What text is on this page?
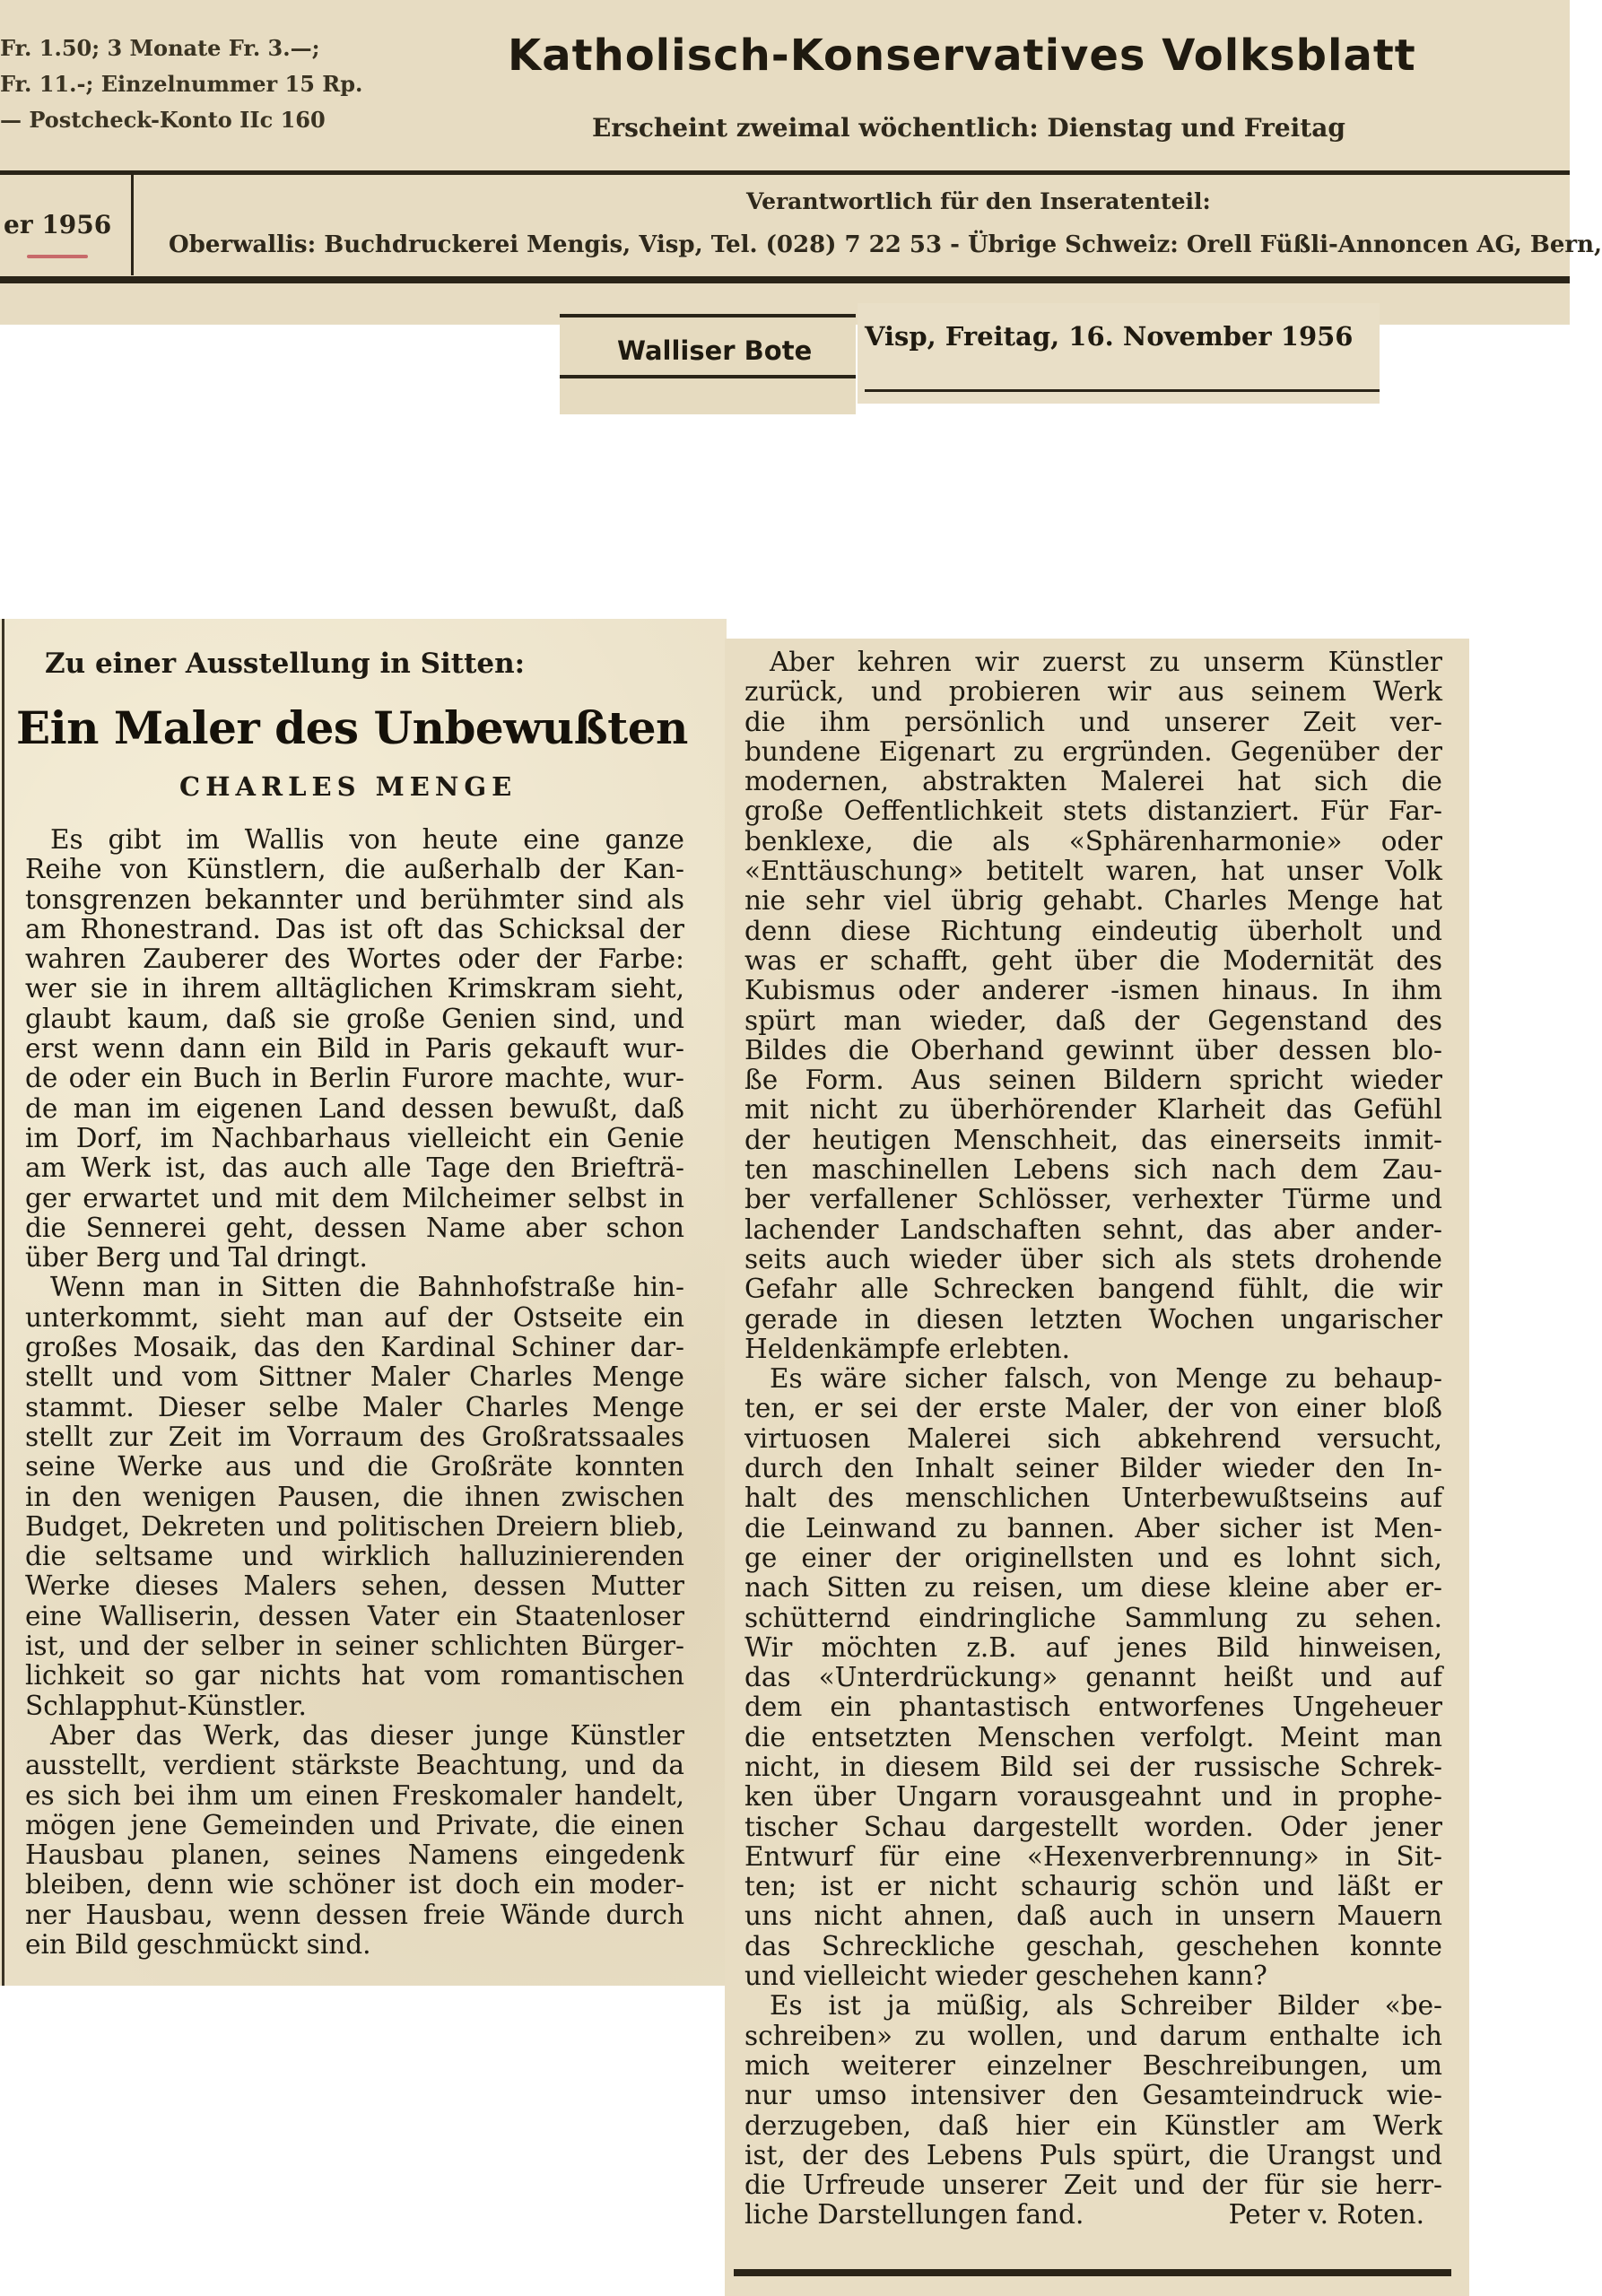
Fr. 1.50; 3 Monate Fr. 3.—;
Fr. 11.-; Einzelnummer 15 Rp.
— Postcheck-Konto IIc 160
Katholisch-Konservatives Volksblatt
Erscheint zweimal wöchentlich: Dienstag und Freitag
er 1956
Verantwortlich für den Inseratenteil:
Oberwallis: Buchdruckerei Mengis, Visp, Tel. (028) 7 22 53 - Übrige Schweiz: Orell Füßli-Annoncen AG, Bern,
Walliser Bote Visp, Freitag, 16. November 1956
Zu einer Ausstellung in Sitten:
Ein Maler des Unbewußten
CHARLES MENGE
Es gibt im Wallis von heute eine ganze
Reihe von Künstlern, die außerhalb der Kan-
tonsgrenzen bekannter und berühmter sind als
am Rhonestrand. Das ist oft das Schicksal der
wahren Zauberer des Wortes oder der Farbe:
wer sie in ihrem alltäglichen Krimskram sieht,
glaubt kaum, daß sie große Genien sind, und
erst wenn dann ein Bild in Paris gekauft wur-
de oder ein Buch in Berlin Furore machte, wur-
de man im eigenen Land dessen bewußt, daß
im Dorf, im Nachbarhaus vielleicht ein Genie
am Werk ist, das auch alle Tage den Briefträ-
ger erwartet und mit dem Milcheimer selbst in
die Sennerei geht, dessen Name aber schon
über Berg und Tal dringt.
Wenn man in Sitten die Bahnhofstraße hin-
unterkommt, sieht man auf der Ostseite ein
großes Mosaik, das den Kardinal Schiner dar-
stellt und vom Sittner Maler Charles Menge
stammt. Dieser selbe Maler Charles Menge
stellt zur Zeit im Vorraum des Großratssaales
seine Werke aus und die Großräte konnten
in den wenigen Pausen, die ihnen zwischen
Budget, Dekreten und politischen Dreiern blieb,
die seltsame und wirklich halluzinierenden
Werke dieses Malers sehen, dessen Mutter
eine Walliserin, dessen Vater ein Staatenloser
ist, und der selber in seiner schlichten Bürger-
lichkeit so gar nichts hat vom romantischen
Schlapphut-Künstler.
Aber das Werk, das dieser junge Künstler
ausstellt, verdient stärkste Beachtung, und da
es sich bei ihm um einen Freskomaler handelt,
mögen jene Gemeinden und Private, die einen
Hausbau planen, seines Namens eingedenk
bleiben, denn wie schöner ist doch ein moder-
ner Hausbau, wenn dessen freie Wände durch
ein Bild geschmückt sind.
Aber kehren wir zuerst zu unserm Künstler
zurück, und probieren wir aus seinem Werk
die ihm persönlich und unserer Zeit ver-
bundene Eigenart zu ergründen. Gegenüber der
modernen, abstrakten Malerei hat sich die
große Oeffentlichkeit stets distanziert. Für Far-
benklexe, die als «Sphärenharmonie» oder
«Enttäuschung» betitelt waren, hat unser Volk
nie sehr viel übrig gehabt. Charles Menge hat
denn diese Richtung eindeutig überholt und
was er schafft, geht über die Modernität des
Kubismus oder anderer -ismen hinaus. In ihm
spürt man wieder, daß der Gegenstand des
Bildes die Oberhand gewinnt über dessen blo-
ße Form. Aus seinen Bildern spricht wieder
mit nicht zu überhörender Klarheit das Gefühl
der heutigen Menschheit, das einerseits inmit-
ten maschinellen Lebens sich nach dem Zau-
ber verfallener Schlösser, verhexter Türme und
lachender Landschaften sehnt, das aber ander-
seits auch wieder über sich als stets drohende
Gefahr alle Schrecken bangend fühlt, die wir
gerade in diesen letzten Wochen ungarischer
Heldenkämpfe erlebten.
Es wäre sicher falsch, von Menge zu behaup-
ten, er sei der erste Maler, der von einer bloß
virtuosen Malerei sich abkehrend versucht,
durch den Inhalt seiner Bilder wieder den In-
halt des menschlichen Unterbewußtseins auf
die Leinwand zu bannen. Aber sicher ist Men-
ge einer der originellsten und es lohnt sich,
nach Sitten zu reisen, um diese kleine aber er-
schütternd eindringliche Sammlung zu sehen.
Wir möchten z.B. auf jenes Bild hinweisen,
das «Unterdrückung» genannt heißt und auf
dem ein phantastisch entworfenes Ungeheuer
die entsetzten Menschen verfolgt. Meint man
nicht, in diesem Bild sei der russische Schrek-
ken über Ungarn vorausgeahnt und in prophe-
tischer Schau dargestellt worden. Oder jener
Entwurf für eine «Hexenverbrennung» in Sit-
ten; ist er nicht schaurig schön und läßt er
uns nicht ahnen, daß auch in unsern Mauern
das Schreckliche geschah, geschehen konnte
und vielleicht wieder geschehen kann?
Es ist ja müßig, als Schreiber Bilder «be-
schreiben» zu wollen, und darum enthalte ich
mich weiterer einzelner Beschreibungen, um
nur umso intensiver den Gesamteindruck wie-
derzugeben, daß hier ein Künstler am Werk
ist, der des Lebens Puls spürt, die Urangst und
die Urfreude unserer Zeit und der für sie herr-
liche Darstellungen fand.	Peter v. Roten.
